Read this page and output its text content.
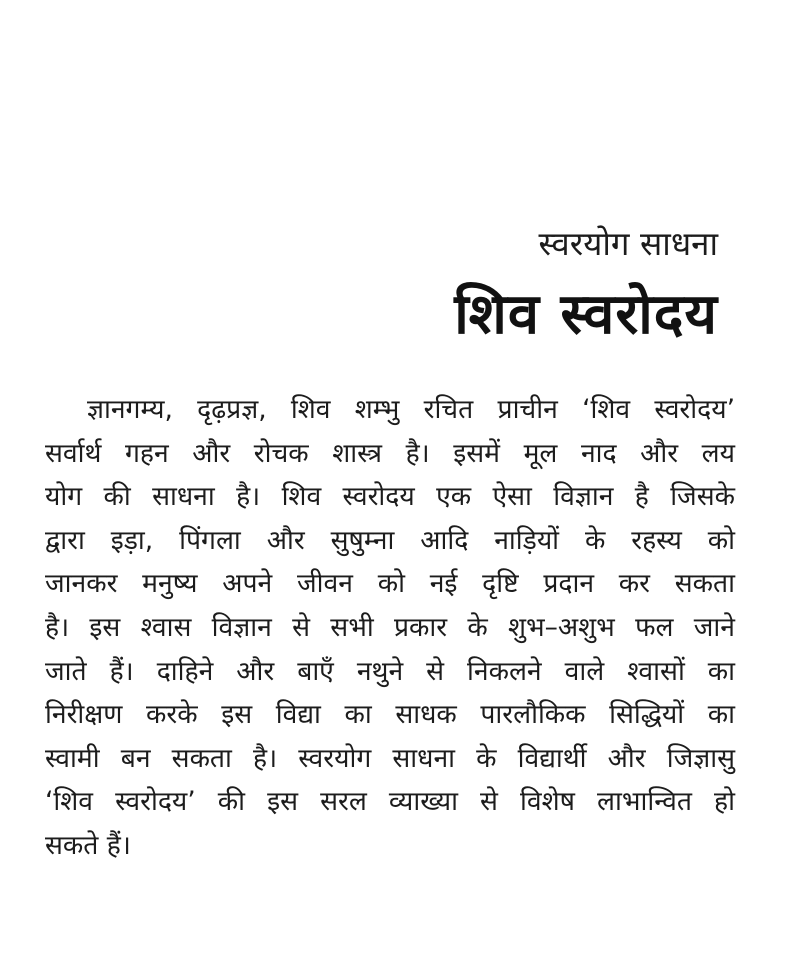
स्वरयोग साधना
शिव स्वरोदय
ज्ञानगम्य, दृढ़प्रज्ञ, शिव शम्भु रचित प्राचीन ‘शिव स्वरोदय’
सर्वार्थ गहन और रोचक शास्त्र है। इसमें मूल नाद और लय
योग की साधना है। शिव स्वरोदय एक ऐसा विज्ञान है जिसके
द्वारा इड़ा, पिंगला और सुषुम्ना आदि नाड़ियों के रहस्य को
जानकर मनुष्य अपने जीवन को नई दृष्टि प्रदान कर सकता
है। इस श्वास विज्ञान से सभी प्रकार के शुभ–अशुभ फल जाने
जाते हैं। दाहिने और बाएँ नथुने से निकलने वाले श्वासों का
निरीक्षण करके इस विद्या का साधक पारलौकिक सिद्धियों का
स्वामी बन सकता है। स्वरयोग साधना के विद्यार्थी और जिज्ञासु
‘शिव स्वरोदय’ की इस सरल व्याख्या से विशेष लाभान्वित हो
सकते हैं।
